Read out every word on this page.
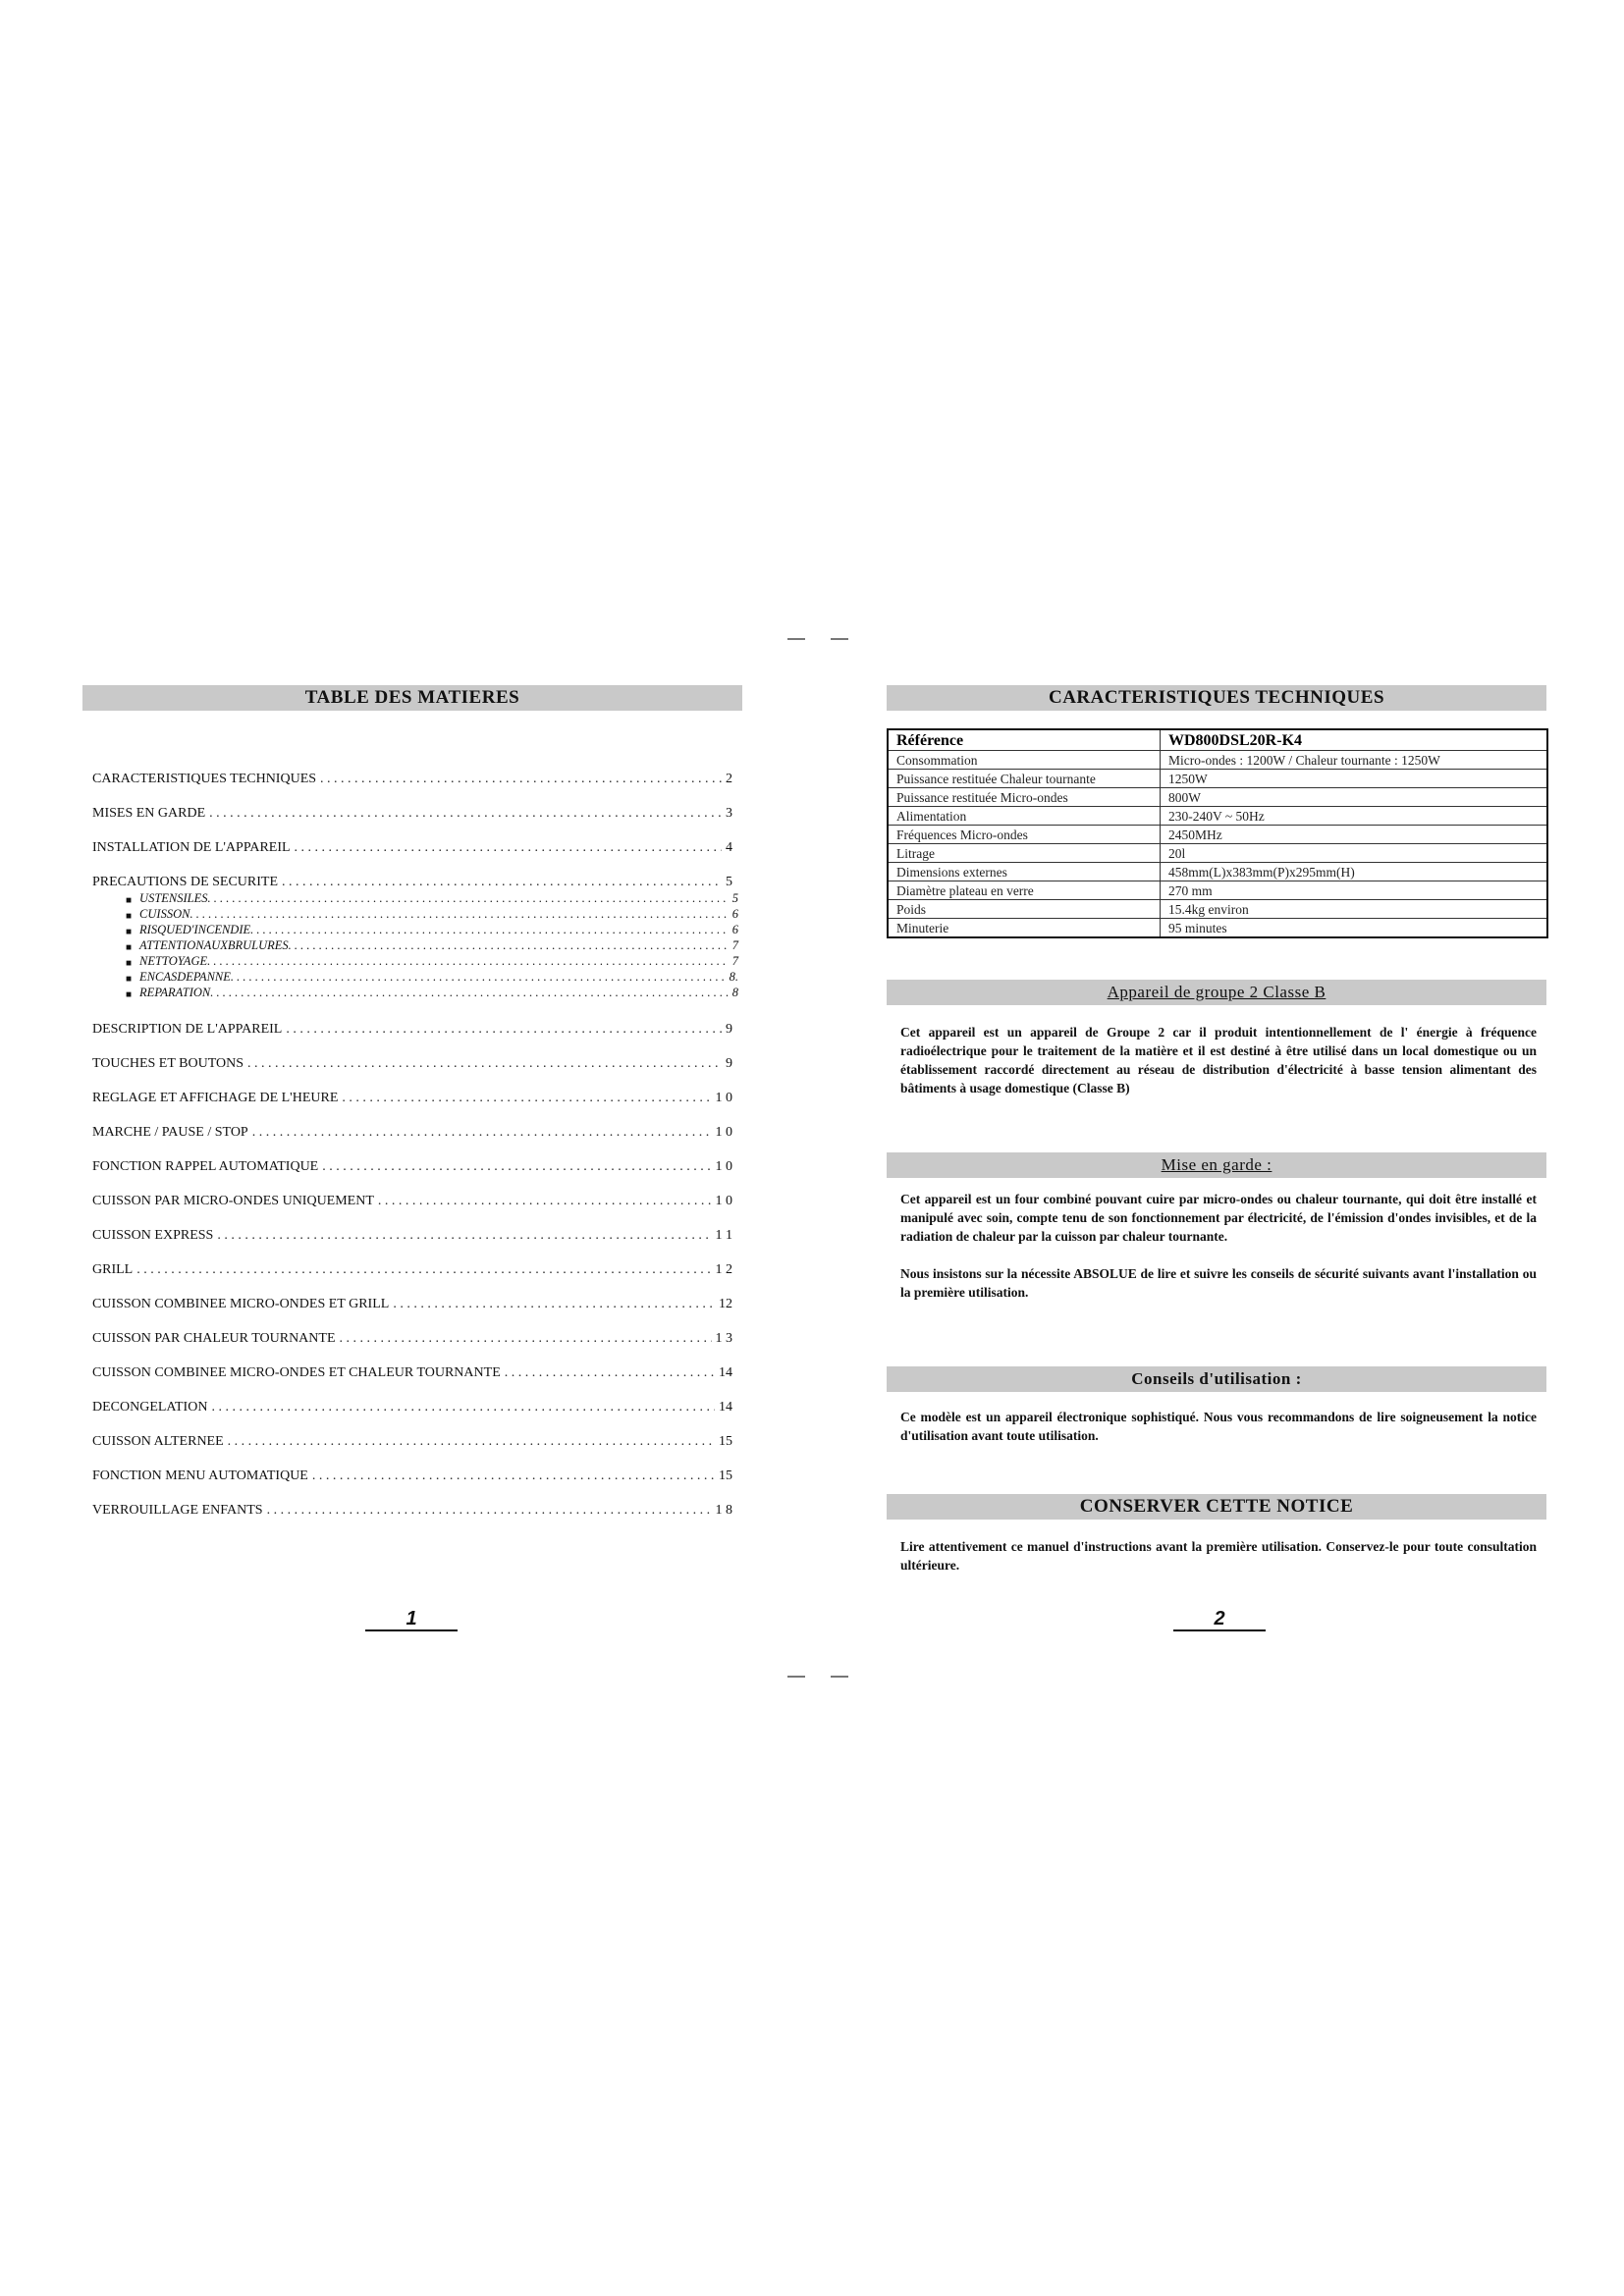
TABLE DES MATIERES
CARACTERISTIQUES TECHNIQUES . . .	2
MISES EN GARDE . . .	3
INSTALLATION DE L'APPAREIL . . .	4
PRECAUTIONS DE SECURITE . . .	5
■ USTENSILES . . .	5
■ CUISSON . . .	6
■ RISQUED'INCENDIE . . .	6
■ ATTENTIONAUXBRULURES . . .	7
■ NETTOYAGE . . .	7
■ ENCASDEPANNE . . .	8.
■ REPARATION . . .	8
DESCRIPTION DE L'APPAREIL . . .	9
TOUCHES ET BOUTONS . . .	9
REGLAGE ET AFFICHAGE DE L'HEURE . . .	1 0
MARCHE / PAUSE / STOP . . .	1 0
FONCTION RAPPEL AUTOMATIQUE . . .	1 0
CUISSON PAR MICRO-ONDES UNIQUEMENT . . .	1 0
CUISSON EXPRESS . . .	1 1
GRILL . . .	1 2
CUISSON COMBINEE MICRO-ONDES ET GRILL . . .	12
CUISSON PAR CHALEUR TOURNANTE . . .	1 3
CUISSON COMBINEE MICRO-ONDES ET CHALEUR TOURNANTE . . .	14
DECONGELATION . . .	14
CUISSON ALTERNEE . . .	15
FONCTION MENU AUTOMATIQUE . . .	15
VERROUILLAGE ENFANTS . . .	1 8
1
CARACTERISTIQUES TECHNIQUES
Référence	WD800DSL20R-K4
Consommation	Micro-ondes : 1200W / Chaleur tournante : 1250W
Puissance restituée Chaleur tournante	1250W
Puissance restituée Micro-ondes	800W
Alimentation	230-240V ~ 50Hz
Fréquences Micro-ondes	2450MHz
Litrage	20l
Dimensions externes	458mm(L)x383mm(P)x295mm(H)
Diamètre plateau en verre	270 mm
Poids	15.4kg environ
Minuterie	95 minutes
Appareil de groupe 2 Classe B

Cet appareil est un appareil de Groupe 2 car il produit intentionnellement de l' énergie à fréquence radioélectrique pour le traitement de la matière et il est destiné à être utilisé dans un local domestique ou un établissement raccordé directement au réseau de distribution d'électricité à basse tension alimentant des bâtiments à usage domestique (Classe B)

Mise en garde :

Cet appareil est un four combiné pouvant cuire par micro-ondes ou chaleur tournante, qui doit être installé et manipulé avec soin, compte tenu de son fonctionnement par électricité, de l'émission d'ondes invisibles, et de la radiation de chaleur par la cuisson par chaleur tournante.

Nous insistons sur la nécessite ABSOLUE de lire et suivre les conseils de sécurité suivants avant l'installation ou la première utilisation.

Conseils d'utilisation :

Ce modèle est un appareil électronique sophistiqué. Nous vous recommandons de lire soigneusement la notice d'utilisation avant toute utilisation.

CONSERVER CETTE NOTICE

Lire attentivement ce manuel d'instructions avant la première utilisation. Conservez-le pour toute consultation ultérieure.

2
